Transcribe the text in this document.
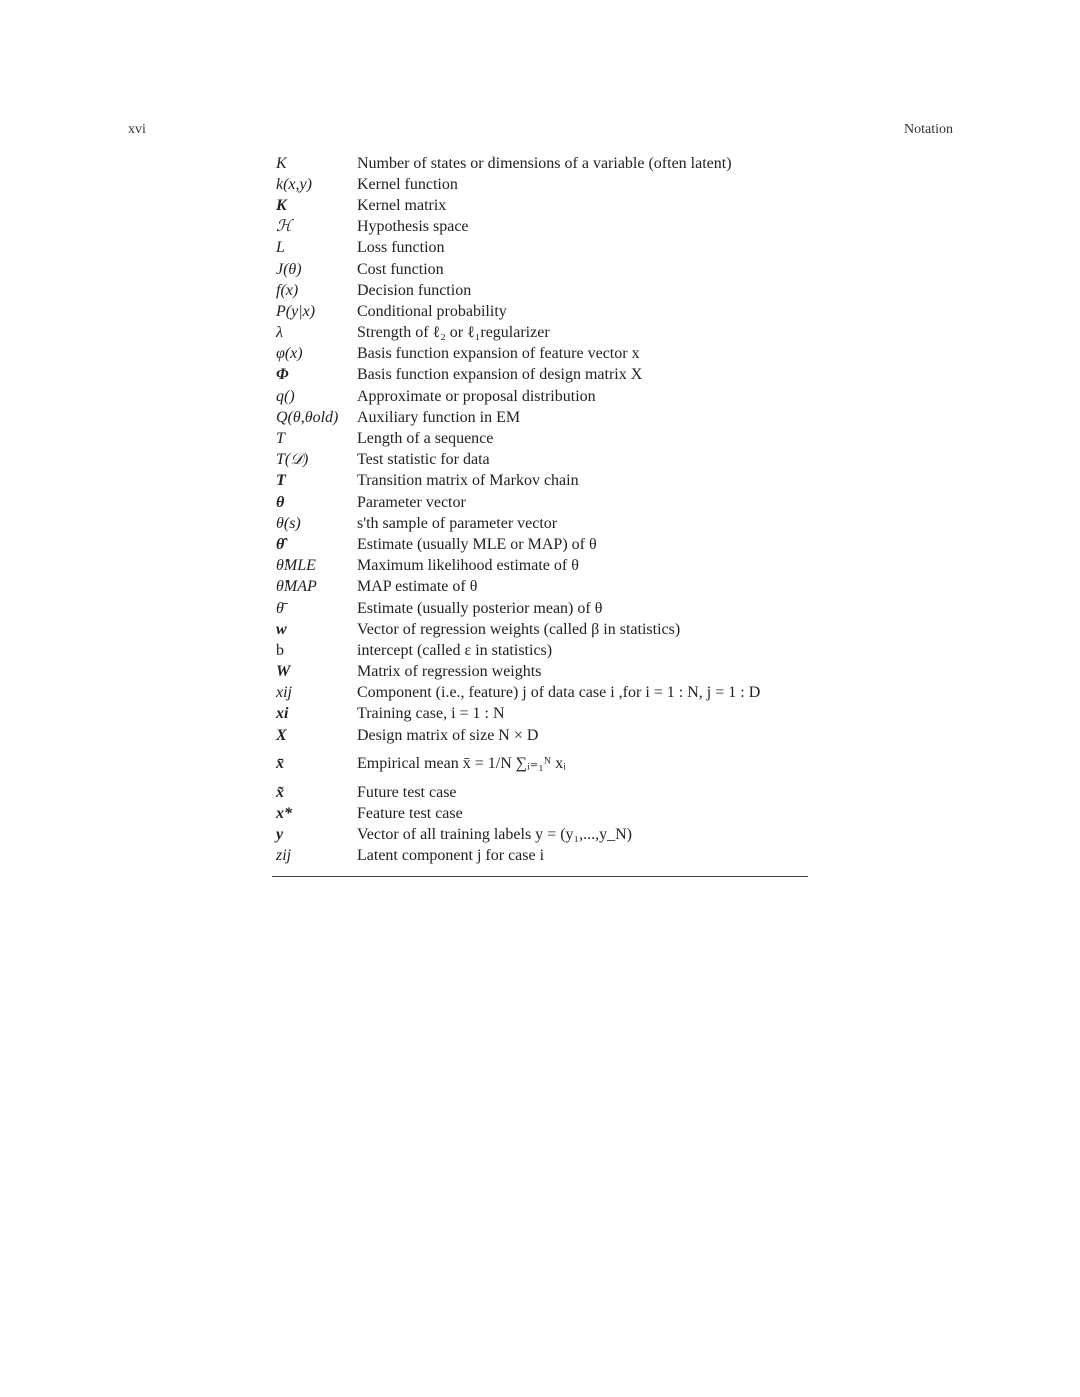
xvi	Notation
K	Number of states or dimensions of a variable (often latent)
k(x,y)	Kernel function
K	Kernel matrix
ℋ	Hypothesis space
L	Loss function
J(θ)	Cost function
f(x)	Decision function
P(y|x)	Conditional probability
λ	Strength of ℓ₂ or ℓ₁regularizer
φ(x)	Basis function expansion of feature vector x
Φ	Basis function expansion of design matrix X
q()	Approximate or proposal distribution
Q(θ,θold)	Auxiliary function in EM
T	Length of a sequence
T(𝒟)	Test statistic for data
T	Transition matrix of Markov chain
θ	Parameter vector
θ(s)	s'th sample of parameter vector
θ̂	Estimate (usually MLE or MAP) of θ
θ̂MLE	Maximum likelihood estimate of θ
θ̂MAP	MAP estimate of θ
θ̄	Estimate (usually posterior mean) of θ
w	Vector of regression weights (called β in statistics)
b	intercept (called ε in statistics)
W	Matrix of regression weights
xij	Component (i.e., feature) j of data case i ,for i = 1 : N, j = 1 : D
xi	Training case, i = 1 : N
X	Design matrix of size N × D
x̄	Empirical mean x̄ = 1/N ∑ᵢ₌₁ᴺ xᵢ
x̃	Future test case
x*	Feature test case
y	Vector of all training labels y = (y₁,...,y_N)
zij	Latent component j for case i
